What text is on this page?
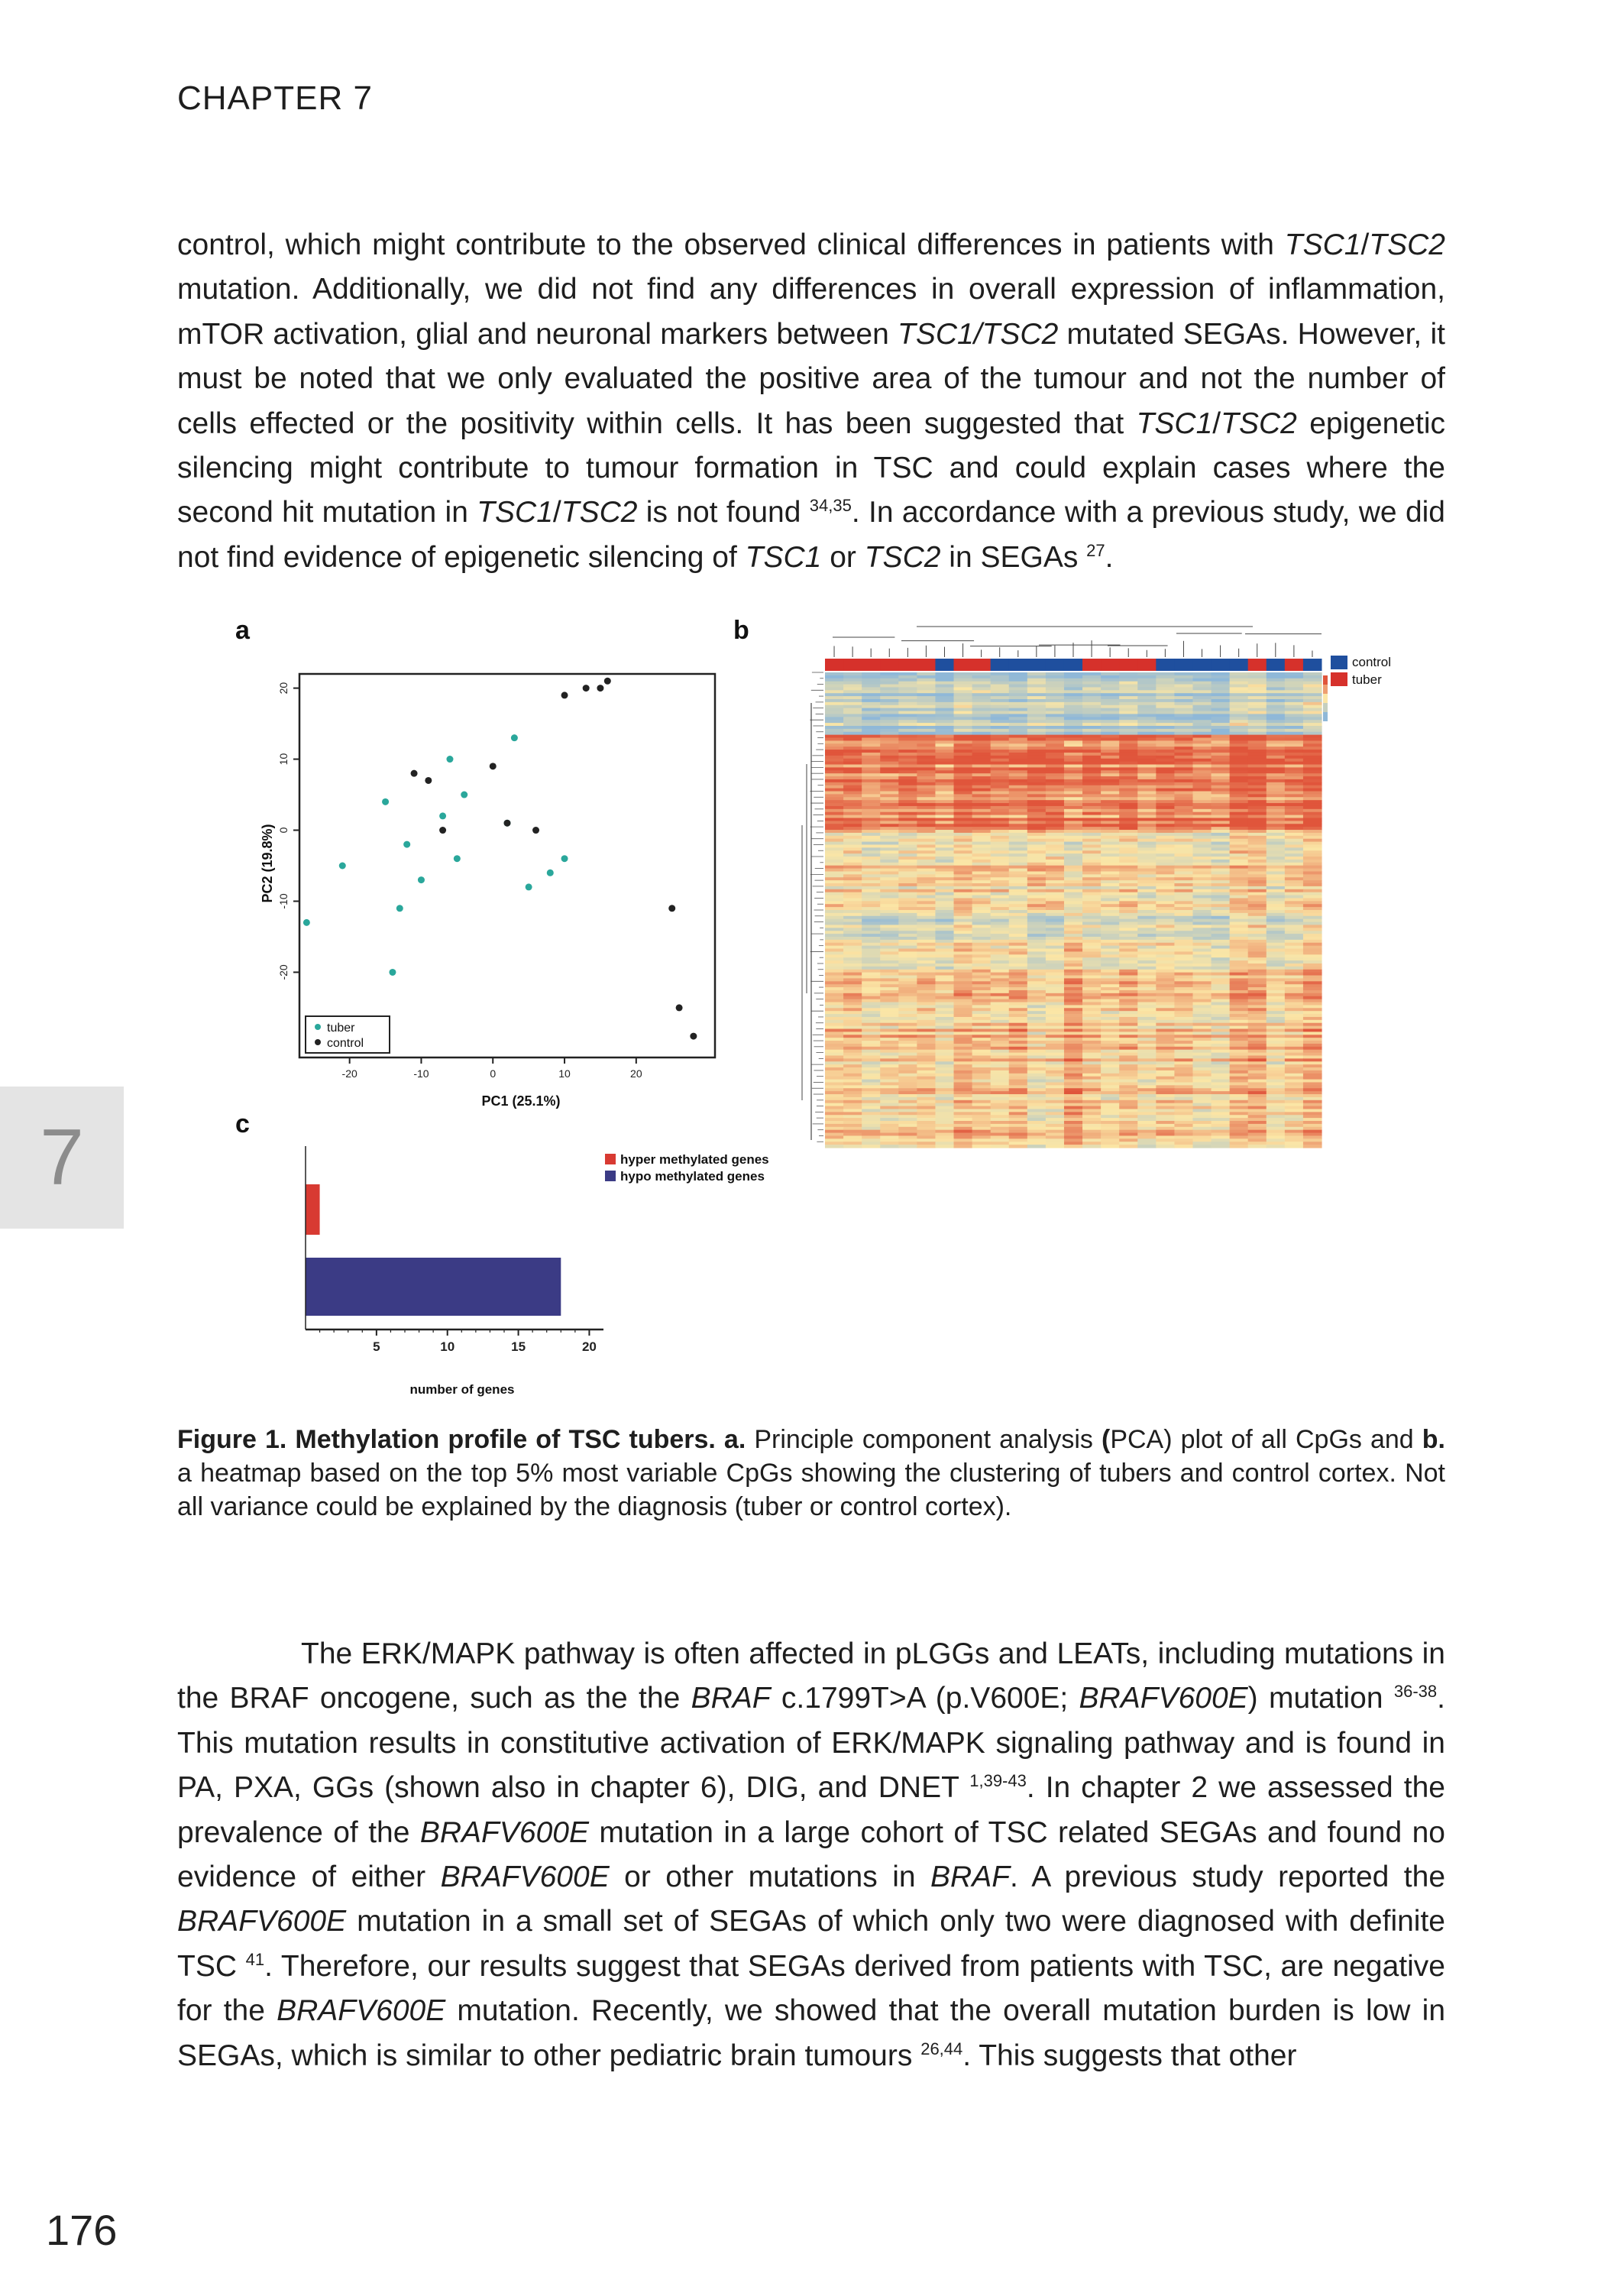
CHAPTER 7

control, which might contribute to the observed clinical differences in patients with TSC1/TSC2 mutation. Additionally, we did not find any differences in overall expression of inflammation, mTOR activation, glial and neuronal markers between TSC1/TSC2 mutated SEGAs. However, it must be noted that we only evaluated the positive area of the tumour and not the number of cells effected or the positivity within cells. It has been suggested that TSC1/TSC2 epigenetic silencing might contribute to tumour formation in TSC and could explain cases where the second hit mutation in TSC1/TSC2 is not found $^{34,35}$. In accordance with a previous study, we did not find evidence of epigenetic silencing of TSC1 or TSC2 in SEGAs $^{27}$.

a	b
c
-20	-10	0	10	20
-20
-10
0
10
20
PC1 (25.1%)
PC2 (19.8%)
tuber
control
control
tuber
hyper methylated genes
hypo methylated genes
5	10	15	20
number of genes
Figure 1. Methylation profile of TSC tubers. a. Principle component analysis (PCA) plot of all CpGs and b. a heatmap based on the top 5% most variable CpGs showing the clustering of tubers and control cortex. Not all variance could be explained by the diagnosis (tuber or control cortex).

The ERK/MAPK pathway is often affected in pLGGs and LEATs, including mutations in the BRAF oncogene, such as the the BRAF c.1799T>A (p.V600E; BRAFV600E) mutation $^{36-38}$. This mutation results in constitutive activation of ERK/MAPK signaling pathway and is found in PA, PXA, GGs (shown also in chapter 6), DIG, and DNET $^{1,39-43}$. In chapter 2 we assessed the prevalence of the BRAFV600E mutation in a large cohort of TSC related SEGAs and found no evidence of either BRAFV600E or other mutations in BRAF. A previous study reported the BRAFV600E mutation in a small set of SEGAs of which only two were diagnosed with definite TSC $^{41}$. Therefore, our results suggest that SEGAs derived from patients with TSC, are negative for the BRAFV600E mutation. Recently, we showed that the overall mutation burden is low in SEGAs, which is similar to other pediatric brain tumours $^{26,44}$. This suggests that other

7
176
